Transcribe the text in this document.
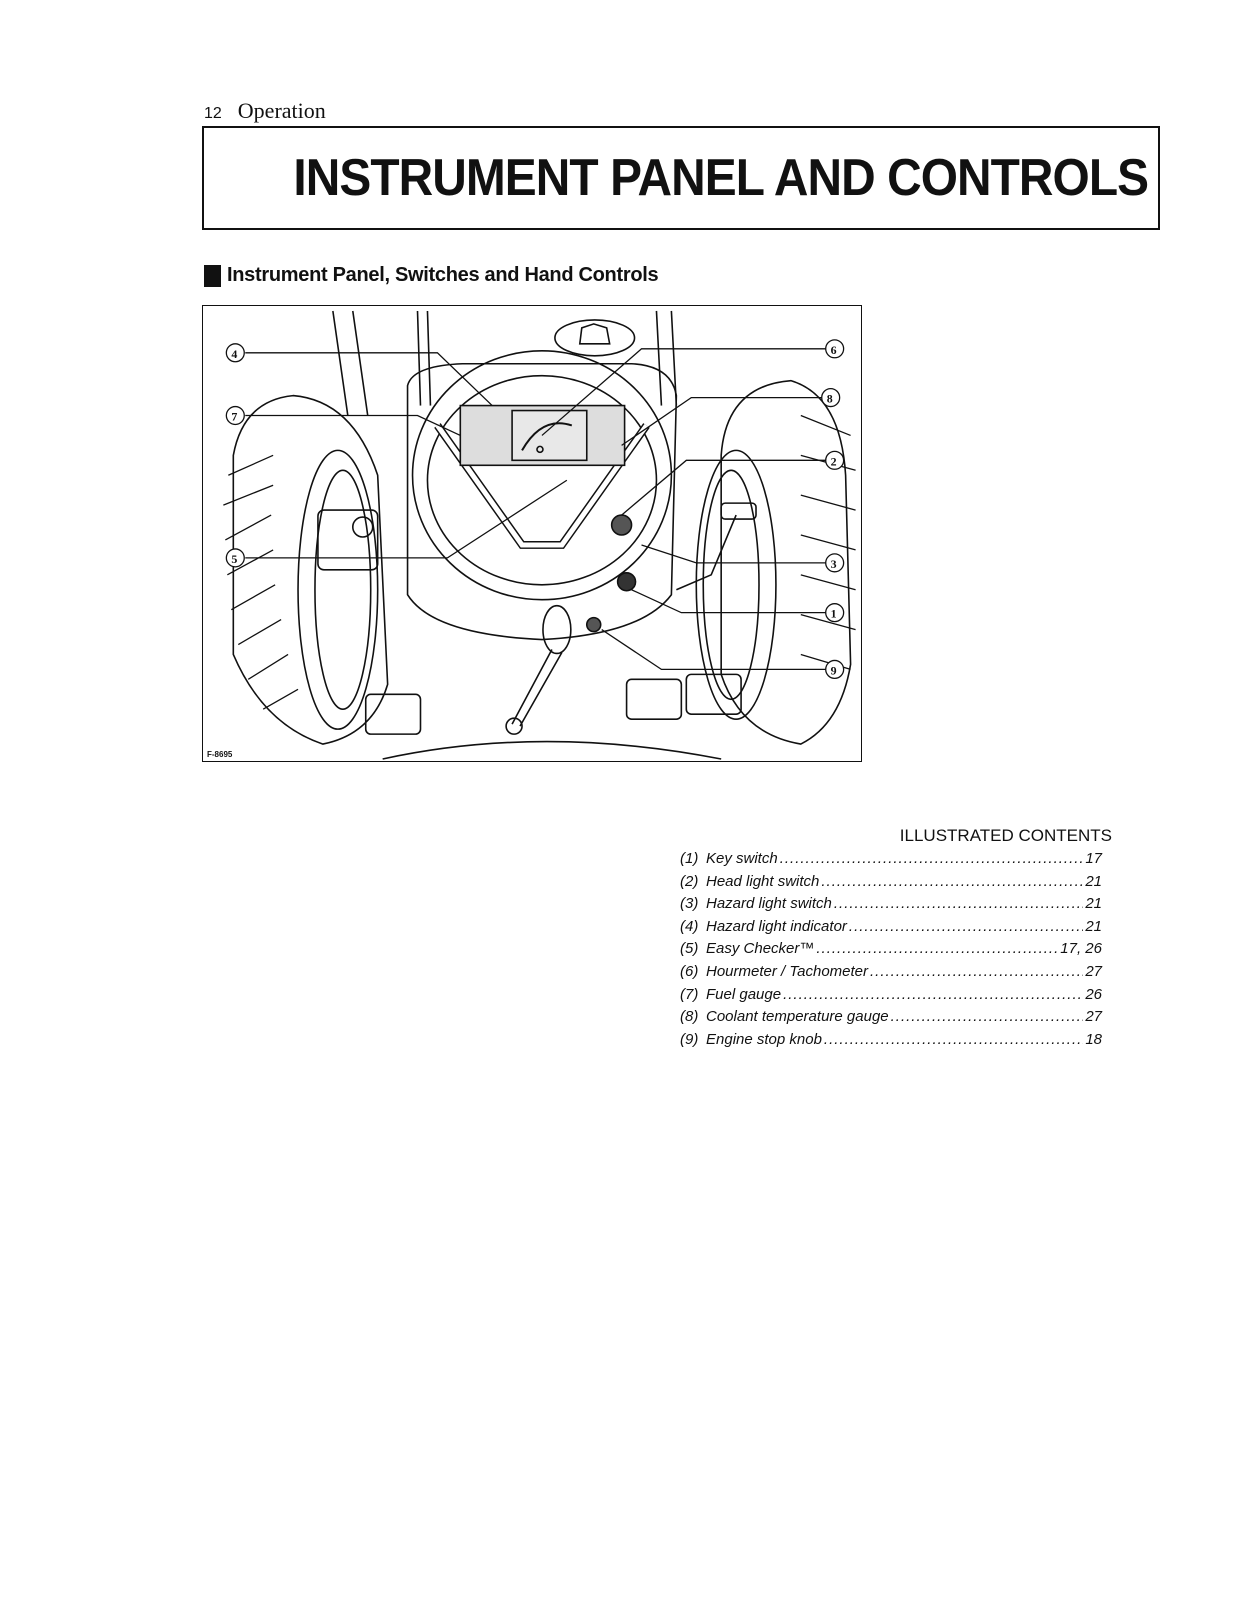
12 Operation
INSTRUMENT PANEL AND CONTROLS
Instrument Panel, Switches and Hand Controls
4	6
7
8
2
5	3
1
9
F-8695
ILLUSTRATED CONTENTS
(1) Key switch .....	17
(2) Head light switch .....	21
(3) Hazard light switch .....	21
(4) Hazard light indicator .....	21
(5) Easy Checker™ .....	17, 26
(6) Hourmeter / Tachometer .....	27
(7) Fuel gauge .....	26
(8) Coolant temperature gauge .....	27
(9) Engine stop knob .....	18
